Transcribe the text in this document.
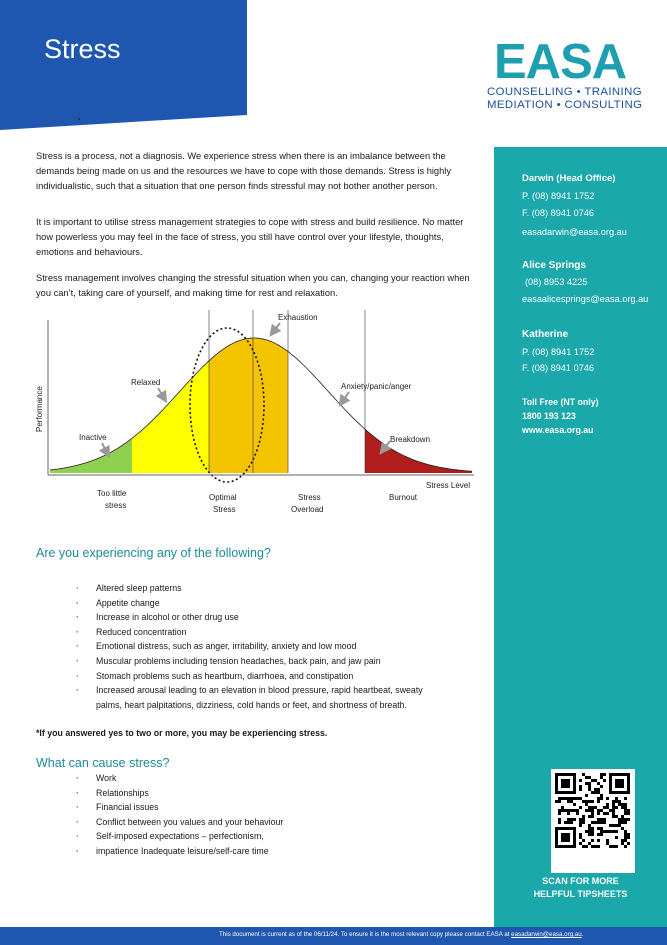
Stress	EASA
COUNSELLING • TRAINING
MEDIATION • CONSULTING
Darwin (Head Office)
P. (08) 8941 1752
F. (08) 8941 0746
easadarwin@easa.org.au
Alice Springs
(08) 8953 4225
easaalicesprings@easa.org.au
Katherine
P. (08) 8941 1752
F. (08) 8941 0746
Toll Free (NT only)
1800 193 123
www.easa.org.au
SCAN FOR MORE
HELPFUL TIPSHEETS

Stress is a process, not a diagnosis. We experience stress when there is an imbalance between the demands being made on us and the resources we have to cope with those demands. Stress is highly individualistic, such that a situation that one person finds stressful may not bother another person.

It is important to utilise stress management strategies to cope with stress and build resilience. No matter how powerless you may feel in the face of stress, you still have control over your lifestyle, thoughts, emotions and behaviours.

Stress management involves changing the stressful situation when you can, changing your reaction when you can’t, taking care of yourself, and making time for rest and relaxation.

Performance
Stress Level
Inactive
Relaxed
Exhaustion
Anxiety/panic/anger
Breakdown
Too little
stress
Optimal
Stress
Stress
Overload
Burnout
Are you experiencing any of the following?
· Altered sleep patterns
· Appetite change
· Increase in alcohol or other drug use
· Reduced concentration
· Emotional distress, such as anger, irritability, anxiety and low mood
· Muscular problems including tension headaches, back pain, and jaw pain
· Stomach problems such as heartburn, diarrhoea, and constipation
· Increased arousal leading to an elevation in blood pressure, rapid heartbeat, sweaty
palms, heart palpitations, dizziness, cold hands or feet, and shortness of breath.
*If you answered yes to two or more, you may be experiencing stress.
What can cause stress?
· Work
· Relationships
· Financial issues
· Conflict between you values and your behaviour
· Self-imposed expectations – perfectionism,
· impatience Inadequate leisure/self-care time
This document is current as of the 06/11/24. To ensure it is the most relevant copy please contact EASA at easadarwin@easa.org.au.
